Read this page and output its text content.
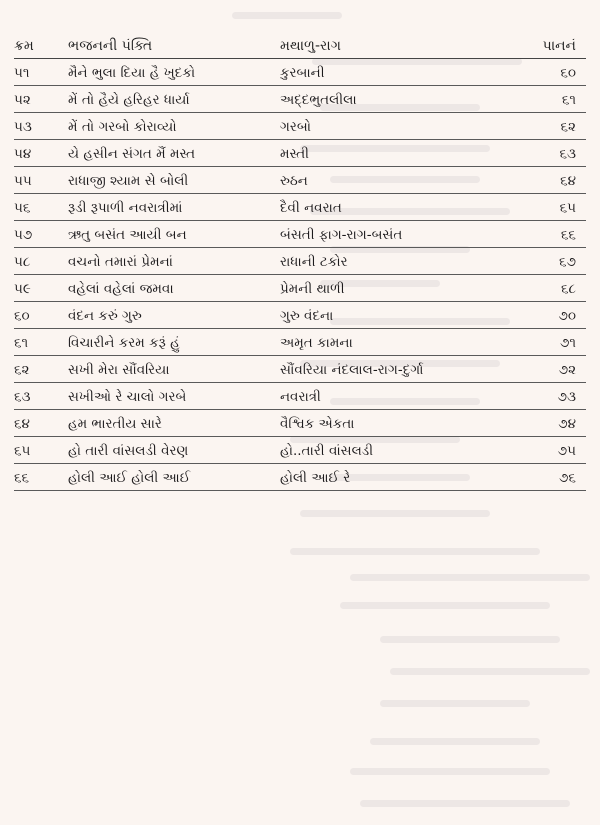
ક્રમ	ભજનની પંક્તિ	મથાળુ-રાગ	પાનનં
૫૧	મૈને ભુલા દિયા હૈ ખુદકો	કુરબાની	૬૦
૫૨	મેં તો હૈયે હરિહર ધાર્યા	અદ્દભુતલીલા	૬૧
૫૩	મેં તો ગરબો કોરાવ્યો	ગરબો	૬૨
૫૪	યે હસીન સંગત મૈં મસ્ત	મસ્તી	૬૩
૫૫	રાધાજી શ્યામ સે બોલી	રુઠન	૬૪
૫૬	રૂડી રૂપાળી નવરાત્રીમાં	દૈવી નવરાત	૬૫
૫૭	ઋતુ બસંત આયી બન	બંસતી ફાગ-રાગ-બસંત	૬૬
૫૮	વચનો તમારાં પ્રેમનાં	રાધાની ટકોર	૬૭
૫૯	વહેલાં વહેલાં જમવા	પ્રેમની થાળી	૬૮
૬૦	વંદન કરું ગુરુ	ગુરુ વંદના	૭૦
૬૧	વિચારીને કરમ કરૂં હું	અમૃત કામના	૭૧
૬૨	સખી મેરા સૌંવરિયા	સૌંવરિયા નંદલાલ-રાગ-દુર્ગા	૭૨
૬૩	સખીઓ રે ચાલો ગરબે	નવરાત્રી	૭૩
૬૪	હમ ભારતીય સારે	વૈશ્વિક એકતા	૭૪
૬૫	હો તારી વાંસલડી વેરણ	હો..તારી વાંસલડી	૭૫
૬૬	હોલી આઈ હોલી આઈ	હોલી આઈ રે	૭૬
